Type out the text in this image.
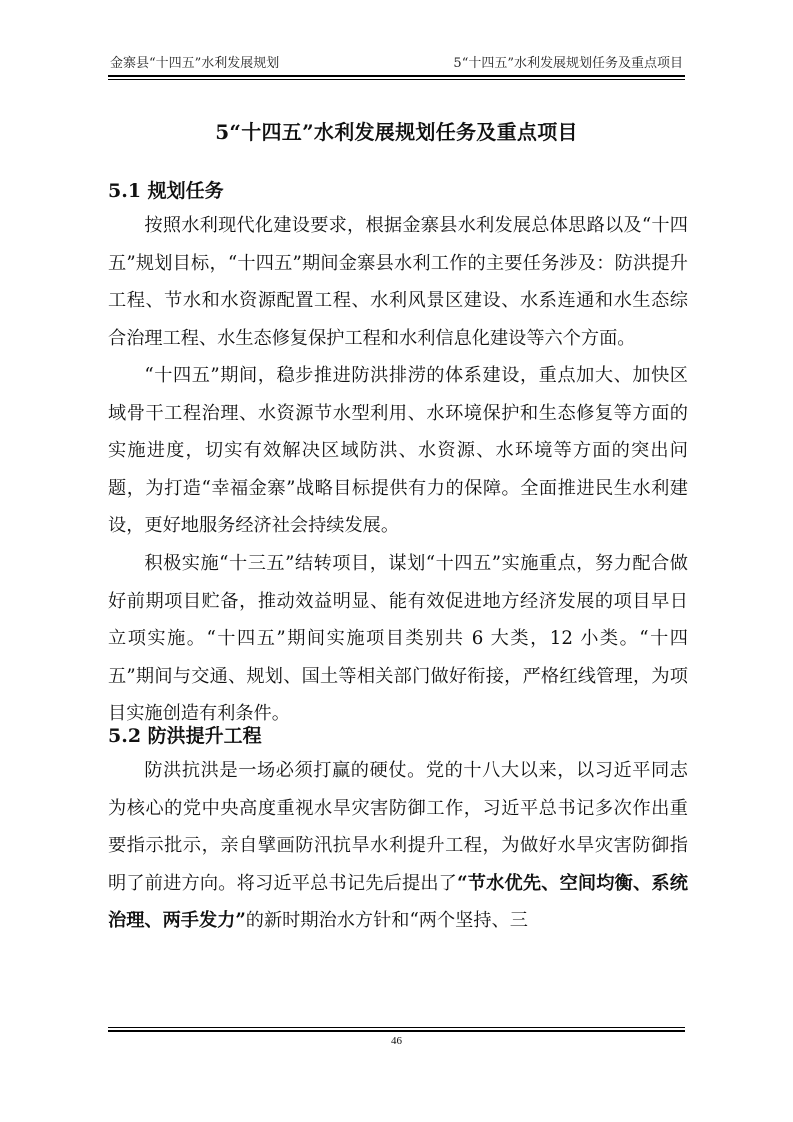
金寨县“十四五”水利发展规划	5“十四五”水利发展规划任务及重点项目
5“十四五”水利发展规划任务及重点项目
5.1 规划任务

按照水利现代化建设要求，根据金寨县水利发展总体思路以及“十四五”规划目标，“十四五”期间金寨县水利工作的主要任务涉及：防洪提升工程、节水和水资源配置工程、水利风景区建设、水系连通和水生态综合治理工程、水生态修复保护工程和水利信息化建设等六个方面。

“十四五”期间，稳步推进防洪排涝的体系建设，重点加大、加快区域骨干工程治理、水资源节水型利用、水环境保护和生态修复等方面的实施进度，切实有效解决区域防洪、水资源、水环境等方面的突出问题，为打造“幸福金寨”战略目标提供有力的保障。全面推进民生水利建设，更好地服务经济社会持续发展。

积极实施“十三五”结转项目，谋划“十四五”实施重点，努力配合做好前期项目贮备，推动效益明显、能有效促进地方经济发展的项目早日立项实施。“十四五”期间实施项目类别共 6 大类，12 小类。“十四五”期间与交通、规划、国土等相关部门做好衔接，严格红线管理，为项目实施创造有利条件。

5.2 防洪提升工程

防洪抗洪是一场必须打赢的硬仗。党的十八大以来，以习近平同志为核心的党中央高度重视水旱灾害防御工作，习近平总书记多次作出重要指示批示，亲自擘画防汛抗旱水利提升工程，为做好水旱灾害防御指明了前进方向。将习近平总书记先后提出了“节水优先、空间均衡、系统治理、两手发力”的新时期治水方针和“两个坚持、三

46
